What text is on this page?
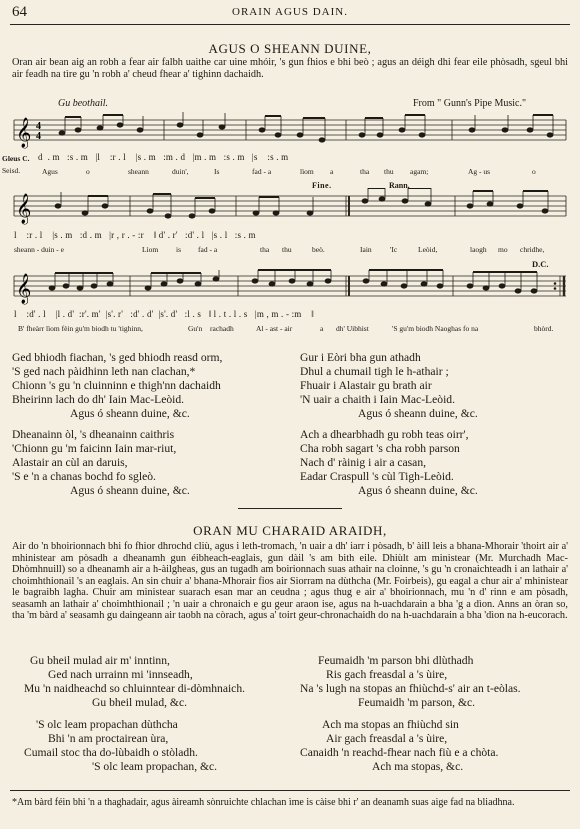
64	ORAIN AGUS DAIN.
AGUS O SHEANN DUINE,
Oran air bean aig an robh a fear air falbh uaithe car uine mhóir, 's gun fhios e bhi beò ; agus an déigh dhi fear eile phòsadh, sgeul bhi air feadh na tìre gu 'n robh a' cheud fhear a' tighinn dachaidh.
Gu beothail.	From " Gunn's Pipe Music."
𝄞 4
4
Gleus C.
Seisd.
d  . m   :s . m   |l    :r . l    |s . m   :m . d   |m . m   :s . m   |s    :s . m
Agus	o	sheann	duin',	Is	fad - a	lìom a	tha thu agam;	Ag - us	o
Fine.	Rann.
𝄞
l    :r . l    |s . m   :d . m   |r , r . - :r    ‖ d' . r'   :d' . l   |s . l   :s . m
sheann - duin - e	Lìom is fad - a	tha thu	beò.	Iain 'Ic	Leòid,	laogh mo chridhe,
D.C.
𝄞
l    :d' . l    |l . d'  :r'. m'  |s'. r'   :d' . d'  |s'. d'   :l . s   ‖ l . t . l . s   |m , m . - :m    ‖
B' fheàrr lìom fèin gu'm biodh tu 'tighinn,	Gu'n rachadh	Al - ast - air	a dh' Uibhist	'S gu'm biodh Naoghas fo na	bhòrd.
Ged bhiodh fiachan, 's ged bhiodh reasd orm,
'S ged nach pàidhinn leth nan clachan,*
Chionn 's gu 'n cluinninn e thigh'nn dachaidh
Bheirinn lach do dh' Iain Mac-Leòid.
Agus ó sheann duine, &c.
Dheanainn òl, 's dheanainn caithris
'Chionn gu 'm faicinn Iain mar-riut,
Alastair an cùl an daruis,
'S e 'n a chanas bochd fo sgleò.
Agus ó sheann duine, &c.
Gur i Eòri bha gun athadh
Dhul a chumail tigh le h-athair ;
Fhuair i Alastair gu brath air
'N uair a chaith i Iain Mac-Leòid.
Agus ó sheann duine, &c.
Ach a dhearbhadh gu robh teas oirr',
Cha robh sagart 's cha robh parson
Nach d' ràinig i air a casan,
Eadar Craspull 's cùl Tigh-Leòid.
Agus ó sheann duine, &c.
ORAN MU CHARAID ARAIDH,
Air do 'n bhoirionnach bhi fo fhior dhrochd cliù, agus i leth-tromach, 'n uair a dh' iarr i pòsadh, b' àill leis a bhana-Mhorair 'thoirt air a' mhinistear am pòsadh a dheanamh gun éibheach-eaglais, gun dàil 's am bith eile. Dhiùlt am ministear (Mr. Murchadh Mac-Dhòmhnuill) so a dheanamh air a h-àilgheas, gus an tugadh am boirionnach suas athair na cloinne, 's gu 'n cronaichteadh i an lathair a' choimhthionail 's an eaglais. An sin chuir a' bhana-Mhorair fios air Siorram na dùthcha (Mr. Foirbeis), gu eagal a chur air a' mhinistear le bagraibh lagha. Chuir am ministear suarach esan mar an ceudna ; agus thug e air a' bhoirionnach, mu 'n d' rinn e am pòsadh, seasamh an lathair a' choimhthionail ; 'n uair a chronaich e gu geur araon ise, agus na h-uachdarain a bha 'g a dìon. Anns an òran so, tha 'm bàrd a' seasamh gu daingeann air taobh na còrach, agus a' toirt geur-chronachaidh do na h-uachdarain a bha 'dìon na h-eucorach.
Gu bheil mulad air m' inntinn,
Ged nach urrainn mi 'innseadh,
Mu 'n naidheachd so chluinntear di-dòmhnaich.
Gu bheil mulad, &c.
'S olc leam propachan dùthcha
Bhi 'n am proctairean ùra,
Cumail stoc tha do-lùbaidh o stòladh.
'S olc leam propachan, &c.
Feumaidh 'm parson bhi dlùthadh
Ris gach freasdal a 's ùire,
Na 's lugh na stopas an fhiùchd-s' air an t-eòlas.
Feumaidh 'm parson, &c.
Ach ma stopas an fhiùchd sin
Air gach freasdal a 's ùire,
Canaidh 'n reachd-fhear nach fiù e a chòta.
Ach ma stopas, &c.
*Am bàrd féin bhi 'n a thaghadair, agus àireamh sònruichte chlachan ìme is càise bhi r' an deanamh suas aige fad na bliadhna.
